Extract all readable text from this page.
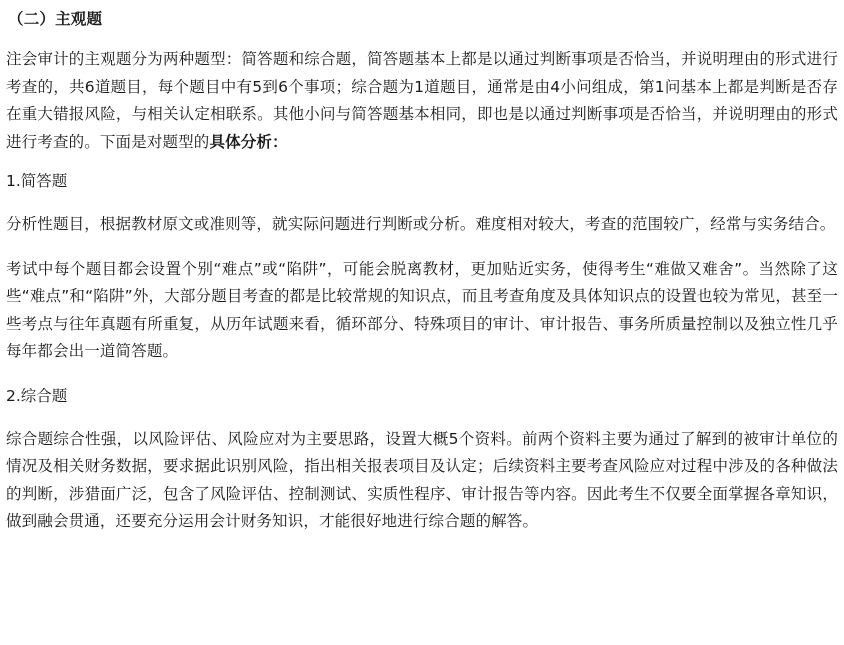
（二）主观题

注会审计的主观题分为两种题型：简答题和综合题，简答题基本上都是以通过判断事项是否恰当，并说明理由的形式进行考查的，共6道题目，每个题目中有5到6个事项；综合题为1道题目，通常是由4小问组成，第1问基本上都是判断是否存在重大错报风险，与相关认定相联系。其他小问与简答题基本相同，即也是以通过判断事项是否恰当，并说明理由的形式进行考查的。下面是对题型的具体分析：

1.简答题

分析性题目，根据教材原文或准则等，就实际问题进行判断或分析。难度相对较大，考查的范围较广，经常与实务结合。

考试中每个题目都会设置个别“难点”或“陷阱”，可能会脱离教材，更加贴近实务，使得考生“难做又难舍”。当然除了这些“难点”和“陷阱”外，大部分题目考查的都是比较常规的知识点，而且考查角度及具体知识点的设置也较为常见，甚至一些考点与往年真题有所重复，从历年试题来看，循环部分、特殊项目的审计、审计报告、事务所质量控制以及独立性几乎每年都会出一道简答题。

2.综合题

综合题综合性强，以风险评估、风险应对为主要思路，设置大概5个资料。前两个资料主要为通过了解到的被审计单位的情况及相关财务数据，要求据此识别风险，指出相关报表项目及认定；后续资料主要考查风险应对过程中涉及的各种做法的判断，涉猎面广泛，包含了风险评估、控制测试、实质性程序、审计报告等内容。因此考生不仅要全面掌握各章知识，做到融会贯通，还要充分运用会计财务知识，才能很好地进行综合题的解答。
